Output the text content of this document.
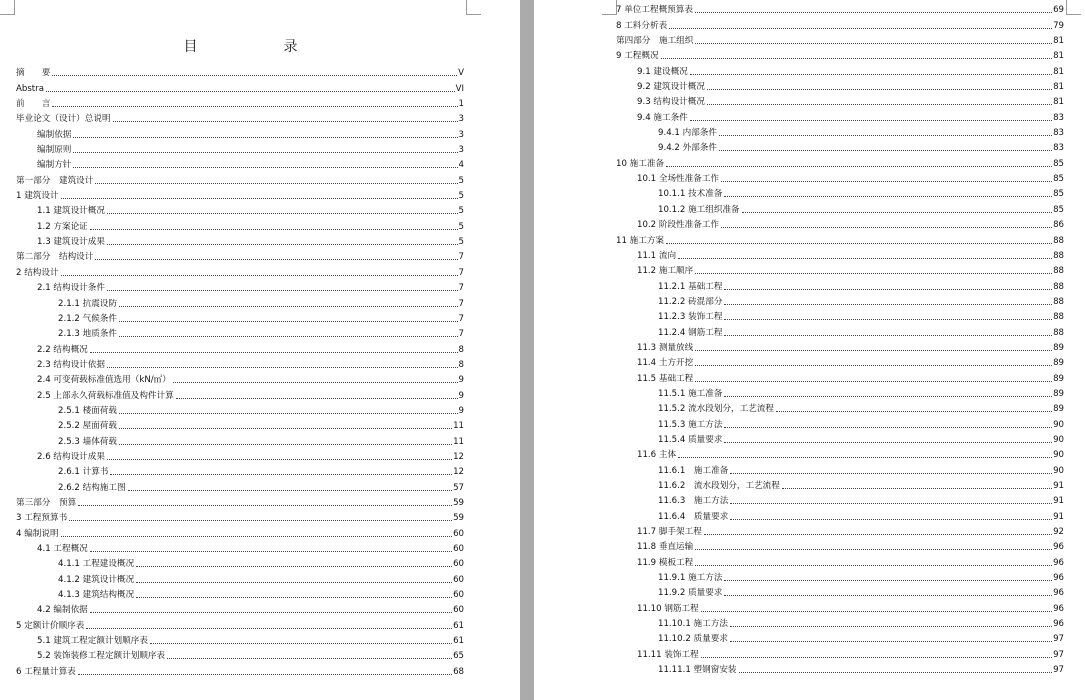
目　录
摘　　要	V
Abstra	VI
前　　言	1
毕业论文（设计）总说明	3
编制依据	3
编制原则	3
编制方针	4
第一部分　建筑设计	5
1 建筑设计	5
1.1 建筑设计概况	5
1.2 方案论证	5
1.3 建筑设计成果	5
第二部分　结构设计	7
2 结构设计	7
2.1 结构设计条件	7
2.1.1 抗震设防	7
2.1.2 气候条件	7
2.1.3 地质条件	7
2.2 结构概况	8
2.3 结构设计依据	8
2.4 可变荷载标准值选用（kN/㎡）	9
2.5 上部永久荷载标准值及构件计算	9
2.5.1 楼面荷载	9
2.5.2 屋面荷载	11
2.5.3 墙体荷载	11
2.6 结构设计成果	12
2.6.1 计算书	12
2.6.2 结构施工图	57
第三部分　预算	59
3 工程预算书	59
4 编制说明	60
4.1 工程概况	60
4.1.1 工程建设概况	60
4.1.2 建筑设计概况	60
4.1.3 建筑结构概况	60
4.2 编制依据	60
5 定额计价顺序表	61
5.1 建筑工程定额计划顺序表	61
5.2 装饰装修工程定额计划顺序表	65
6 工程量计算表	68
7 单位工程概预算表	69
8 工料分析表	79
第四部分　施工组织	81
9 工程概况	81
9.1 建设概况	81
9.2 建筑设计概况	81
9.3 结构设计概况	81
9.4 施工条件	83
9.4.1 内部条件	83
9.4.2 外部条件	83
10 施工准备	85
10.1 全场性准备工作	85
10.1.1 技术准备	85
10.1.2 施工组织准备	85
10.2 阶段性准备工作	86
11 施工方案	88
11.1 流向	88
11.2 施工顺序	88
11.2.1 基础工程	88
11.2.2 砖混部分	88
11.2.3 装饰工程	88
11.2.4 钢筋工程	88
11.3 测量放线	89
11.4 土方开挖	89
11.5 基础工程	89
11.5.1 施工准备	89
11.5.2 流水段划分，工艺流程	89
11.5.3 施工方法	90
11.5.4 质量要求	90
11.6 主体	90
11.6.1　施工准备	90
11.6.2　流水段划分，工艺流程	91
11.6.3　施工方法	91
11.6.4　质量要求	91
11.7 脚手架工程	92
11.8 垂直运输	96
11.9 模板工程	96
11.9.1 施工方法	96
11.9.2 质量要求	96
11.10 钢筋工程	96
11.10.1 施工方法	96
11.10.2 质量要求	97
11.11 装饰工程	97
11.11.1 塑钢窗安装	97
